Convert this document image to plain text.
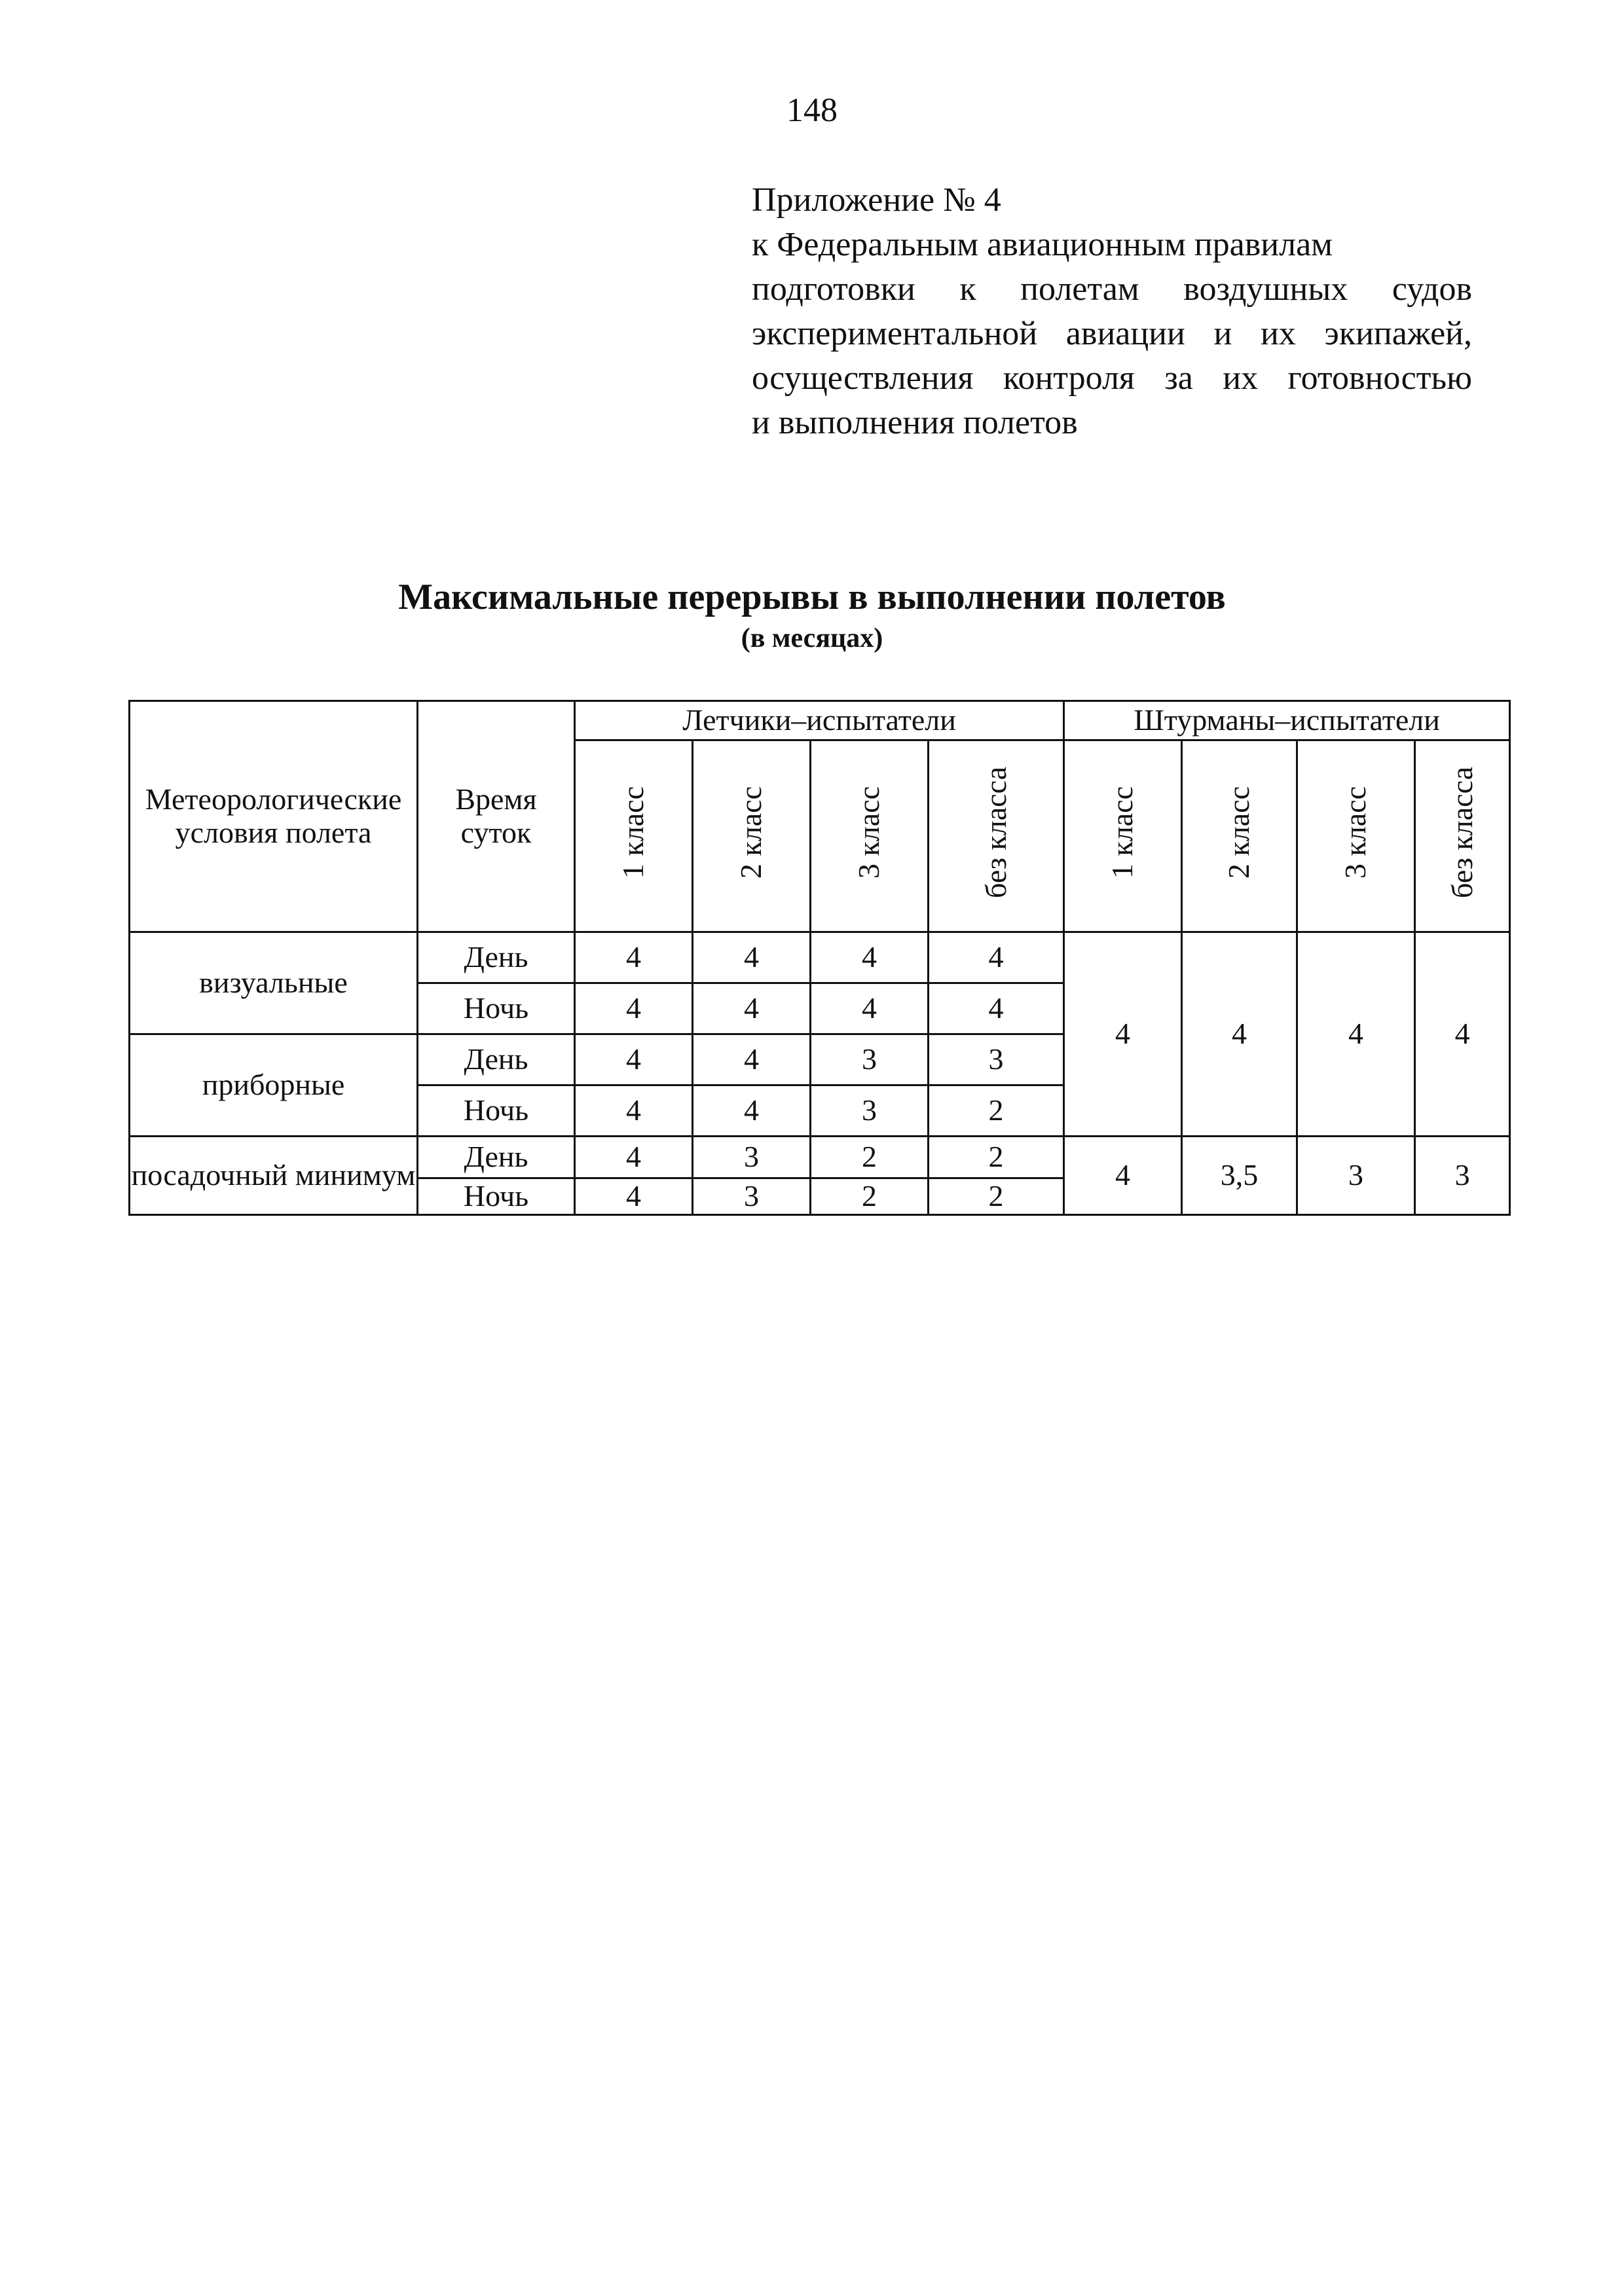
148
Приложение № 4
к Федеральным авиационным правилам
подготовки к полетам воздушных судов
экспериментальной авиации и их экипажей,
осуществления контроля за их готовностью
и выполнения полетов
Максимальные перерывы в выполнении полетов
(в месяцах)
Метеорологические условия полета	Время суток	Летчики–испытатели				Штурманы–испытатели			
		1 класс	2 класс	3 класс	без класса	1 класс	2 класс	3 класс	без класса
визуальные	День	4	4	4	4	4	4	4	4
	Ночь	4	4	4	4				
приборные	День	4	4	3	3				
	Ночь	4	4	3	2				
посадочный минимум	День	4	3	2	2	4	3,5	3	3
	Ночь	4	3	2	2				
